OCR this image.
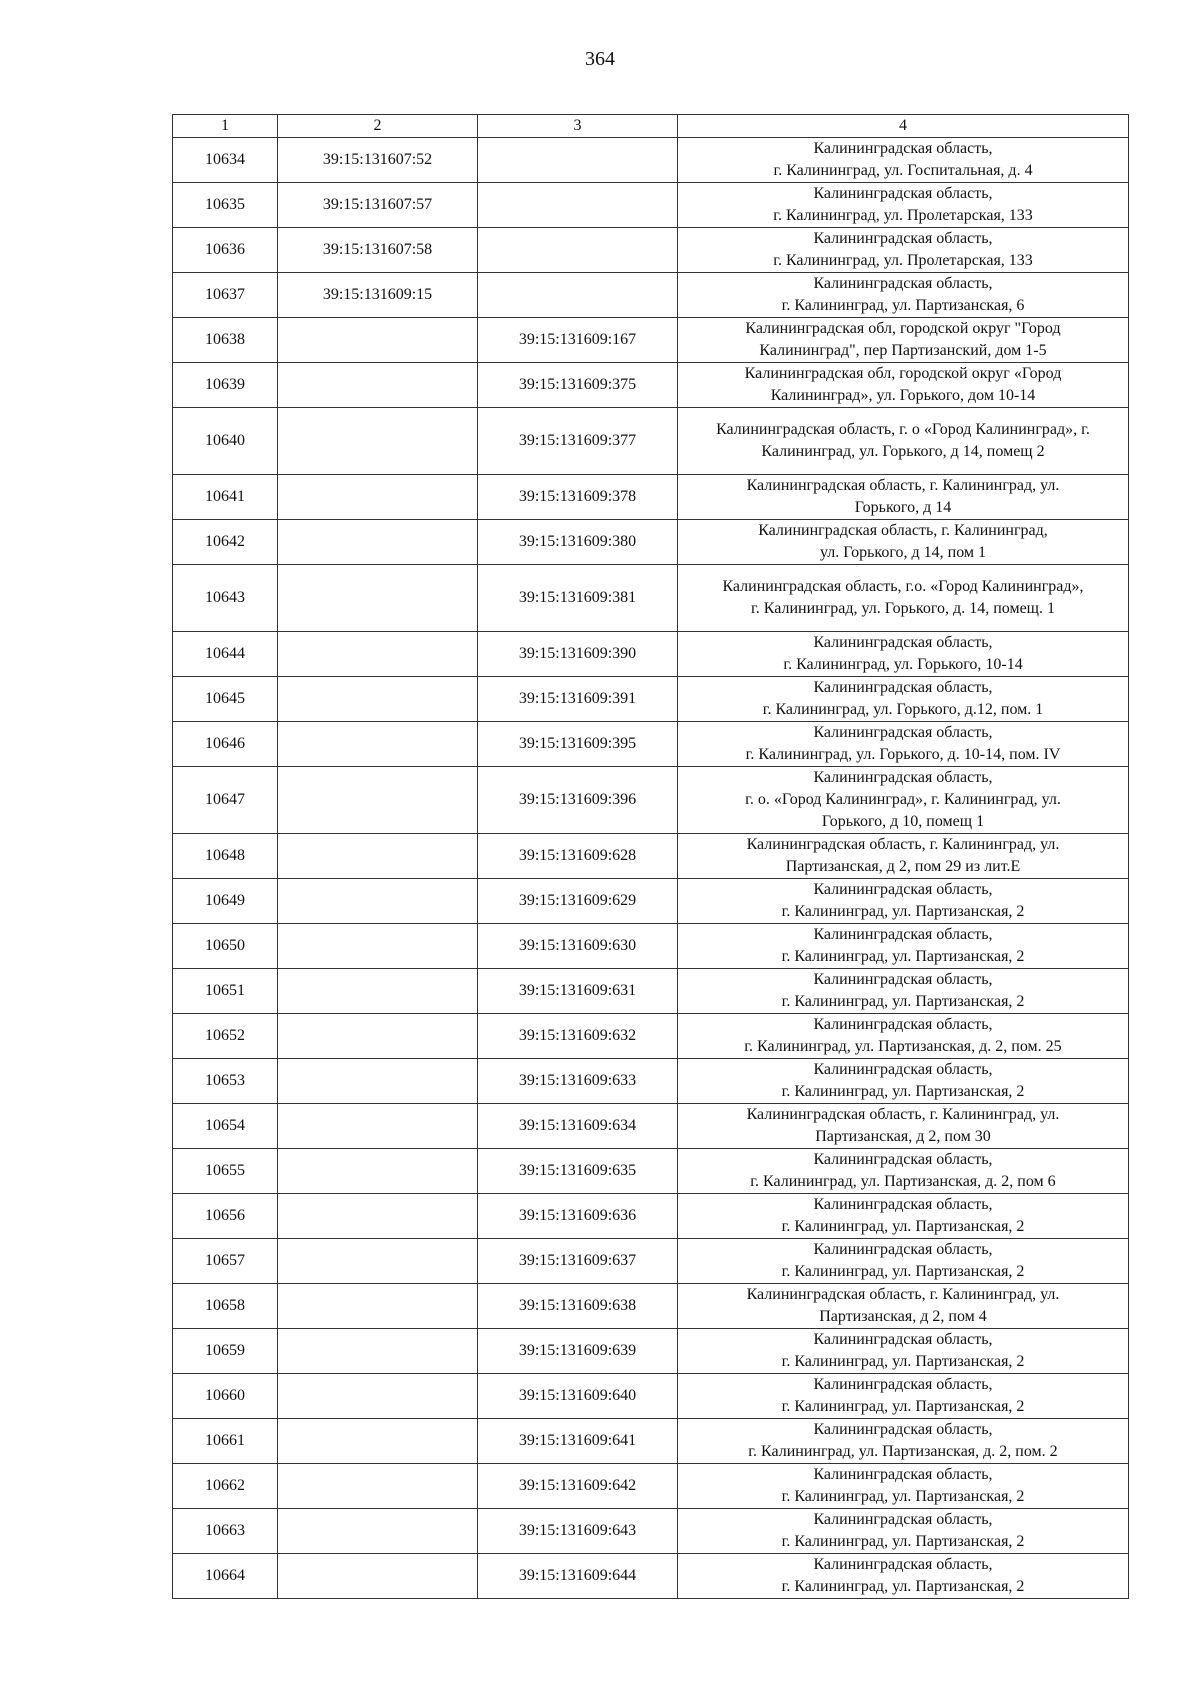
364
1	2	3	4
10634	39:15:131607:52		Калининградская область,
г. Калининград, ул. Госпитальная, д. 4
10635	39:15:131607:57		Калининградская область,
г. Калининград, ул. Пролетарская, 133
10636	39:15:131607:58		Калининградская область,
г. Калининград, ул. Пролетарская, 133
10637	39:15:131609:15		Калининградская область,
г. Калининград, ул. Партизанская, 6
10638		39:15:131609:167	Калининградская обл, городской округ "Город
Калининград", пер Партизанский, дом 1-5
10639		39:15:131609:375	Калининградская обл, городской округ «Город
Калининград», ул. Горького, дом 10-14
10640		39:15:131609:377	Калининградская область, г. о «Город Калининград», г.
Калининград, ул. Горького, д 14, помещ 2
10641		39:15:131609:378	Калининградская область, г. Калининград, ул.
Горького, д 14
10642		39:15:131609:380	Калининградская область, г. Калининград,
ул. Горького, д 14, пом 1
10643		39:15:131609:381	Калининградская область, г.о. «Город Калининград»,
г. Калининград, ул. Горького, д. 14, помещ. 1
10644		39:15:131609:390	Калининградская область,
г. Калининград, ул. Горького, 10-14
10645		39:15:131609:391	Калининградская область,
г. Калининград, ул. Горького, д.12, пом. 1
10646		39:15:131609:395	Калининградская область,
г. Калининград, ул. Горького, д. 10-14, пом. IV
10647		39:15:131609:396	Калининградская область,
г. о. «Город Калининград», г. Калининград, ул.
Горького, д 10, помещ 1
10648		39:15:131609:628	Калининградская область, г. Калининград, ул.
Партизанская, д 2, пом 29 из лит.Е
10649		39:15:131609:629	Калининградская область,
г. Калининград, ул. Партизанская, 2
10650		39:15:131609:630	Калининградская область,
г. Калининград, ул. Партизанская, 2
10651		39:15:131609:631	Калининградская область,
г. Калининград, ул. Партизанская, 2
10652		39:15:131609:632	Калининградская область,
г. Калининград, ул. Партизанская, д. 2, пом. 25
10653		39:15:131609:633	Калининградская область,
г. Калининград, ул. Партизанская, 2
10654		39:15:131609:634	Калининградская область, г. Калининград, ул.
Партизанская, д 2, пом 30
10655		39:15:131609:635	Калининградская область,
г. Калининград, ул. Партизанская, д. 2, пом 6
10656		39:15:131609:636	Калининградская область,
г. Калининград, ул. Партизанская, 2
10657		39:15:131609:637	Калининградская область,
г. Калининград, ул. Партизанская, 2
10658		39:15:131609:638	Калининградская область, г. Калининград, ул.
Партизанская, д 2, пом 4
10659		39:15:131609:639	Калининградская область,
г. Калининград, ул. Партизанская, 2
10660		39:15:131609:640	Калининградская область,
г. Калининград, ул. Партизанская, 2
10661		39:15:131609:641	Калининградская область,
г. Калининград, ул. Партизанская, д. 2, пом. 2
10662		39:15:131609:642	Калининградская область,
г. Калининград, ул. Партизанская, 2
10663		39:15:131609:643	Калининградская область,
г. Калининград, ул. Партизанская, 2
10664		39:15:131609:644	Калининградская область,
г. Калининград, ул. Партизанская, 2
